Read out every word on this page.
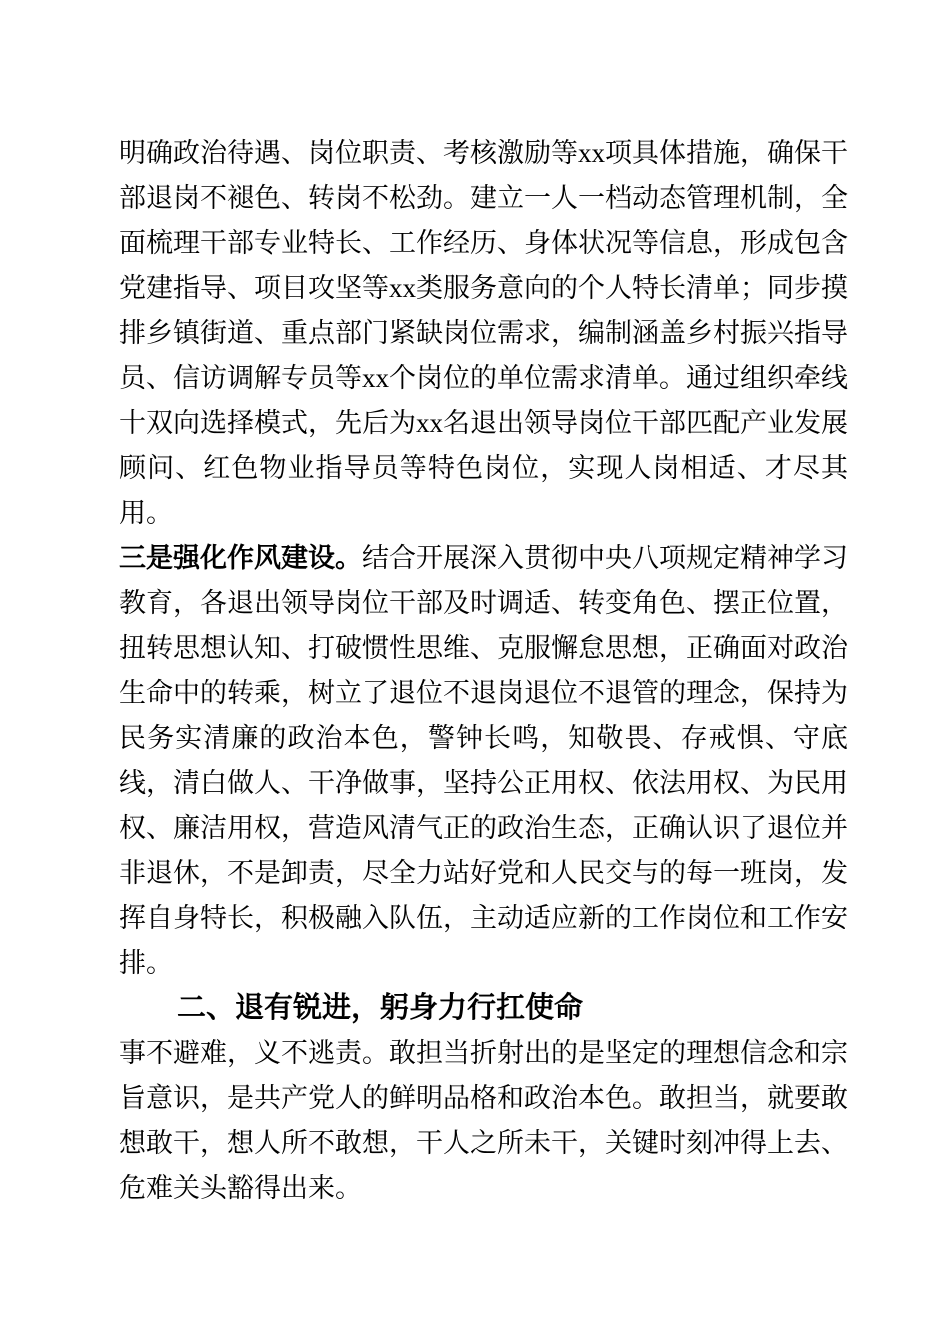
明确政治待遇、岗位职责、考核激励等xx项具体措施，确保干部退岗不褪色、转岗不松劲。建立一人一档动态管理机制，全面梳理干部专业特长、工作经历、身体状况等信息，形成包含党建指导、项目攻坚等xx类服务意向的个人特长清单；同步摸排乡镇街道、重点部门紧缺岗位需求，编制涵盖乡村振兴指导员、信访调解专员等xx个岗位的单位需求清单。通过组织牵线十双向选择模式，先后为xx名退出领导岗位干部匹配产业发展顾问、红色物业指导员等特色岗位，实现人岗相适、才尽其用。

三是强化作风建设。结合开展深入贯彻中央八项规定精神学习教育，各退出领导岗位干部及时调适、转变角色、摆正位置，扭转思想认知、打破惯性思维、克服懈怠思想，正确面对政治生命中的转乘，树立了退位不退岗退位不退管的理念，保持为民务实清廉的政治本色，警钟长鸣，知敬畏、存戒惧、守底线，清白做人、干净做事，坚持公正用权、依法用权、为民用权、廉洁用权，营造风清气正的政治生态，正确认识了退位并非退休，不是卸责，尽全力站好党和人民交与的每一班岗，发挥自身特长，积极融入队伍，主动适应新的工作岗位和工作安排。

二、退有锐进，躬身力行扛使命

事不避难，义不逃责。敢担当折射出的是坚定的理想信念和宗旨意识，是共产党人的鲜明品格和政治本色。敢担当，就要敢想敢干，想人所不敢想，干人之所未干，关键时刻冲得上去、危难关头豁得出来。
